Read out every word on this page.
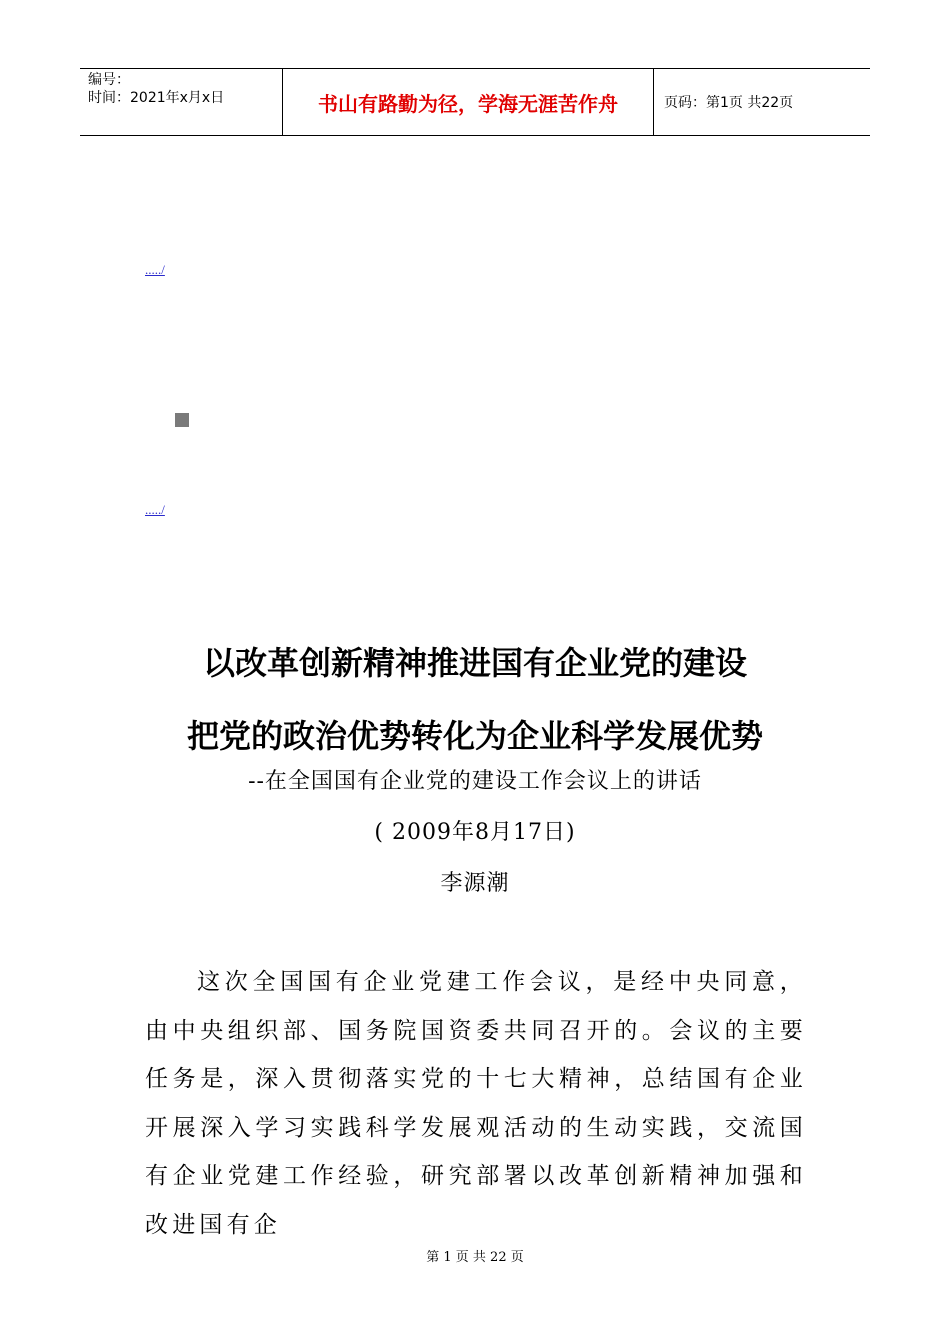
编号：
时间：2021年x月x日	书山有路勤为径，学海无涯苦作舟	页码：第1页 共22页
...../
...../
以改革创新精神推进国有企业党的建设
把党的政治优势转化为企业科学发展优势
--在全国国有企业党的建设工作会议上的讲话
( 2009年8月17日)
李源潮
这次全国国有企业党建工作会议，是经中央同意，由中央组织部、国务院国资委共同召开的。会议的主要任务是，深入贯彻落实党的十七大精神，总结国有企业开展深入学习实践科学发展观活动的生动实践，交流国有企业党建工作经验，研究部署以改革创新精神加强和改进国有企
第 1 页 共 22 页
